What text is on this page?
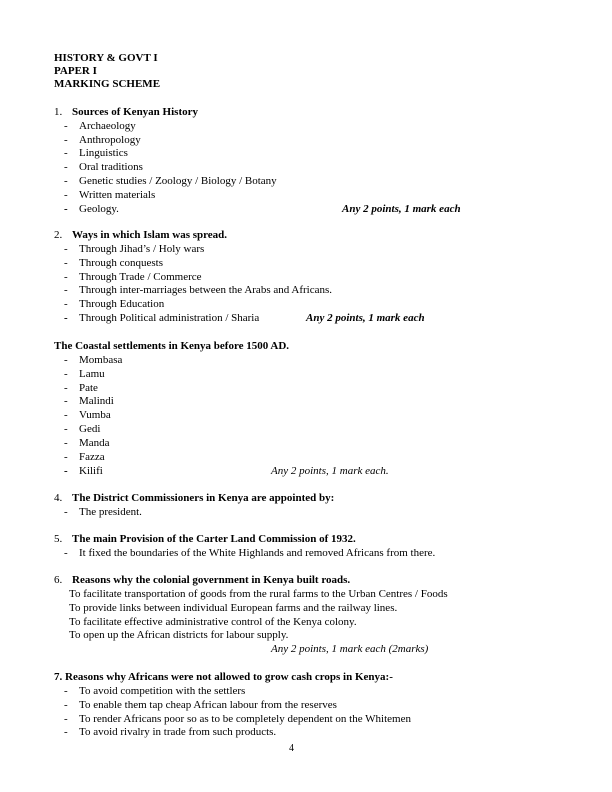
HISTORY & GOVT I
PAPER I
MARKING SCHEME
1. Sources of Kenyan History
- Archaeology
- Anthropology
- Linguistics
- Oral traditions
- Genetic studies / Zoology / Biology / Botany
- Written materials
- Geology.	Any 2 points, 1 mark each
2. Ways in which Islam was spread.
- Through Jihad’s / Holy wars
- Through conquests
- Through Trade / Commerce
- Through inter-marriages between the Arabs and Africans.
- Through Education
- Through Political administration / Sharia	Any 2 points, 1 mark each
The Coastal settlements in Kenya before 1500 AD.
- Mombasa
- Lamu
- Pate
- Malindi
- Vumba
- Gedi
- Manda
- Fazza
- Kilifi	Any 2 points, 1 mark each.
4. The District Commissioners in Kenya are appointed by:
- The president.
5. The main Provision of the Carter Land Commission of 1932.
- It fixed the boundaries of the White Highlands and removed Africans from there.
6. Reasons why the colonial government in Kenya built roads.
To facilitate transportation of goods from the rural farms to the Urban Centres / Foods
To provide links between individual European farms and the railway lines.
To facilitate effective administrative control of the Kenya colony.
To open up the African districts for labour supply.
Any 2 points, 1 mark each (2marks)
7. Reasons why Africans were not allowed to grow cash crops in Kenya:-
- To avoid competition with the settlers
- To enable them tap cheap African labour from the reserves
- To render Africans poor so as to be completely dependent on the Whitemen
- To avoid rivalry in trade from such products.
4
